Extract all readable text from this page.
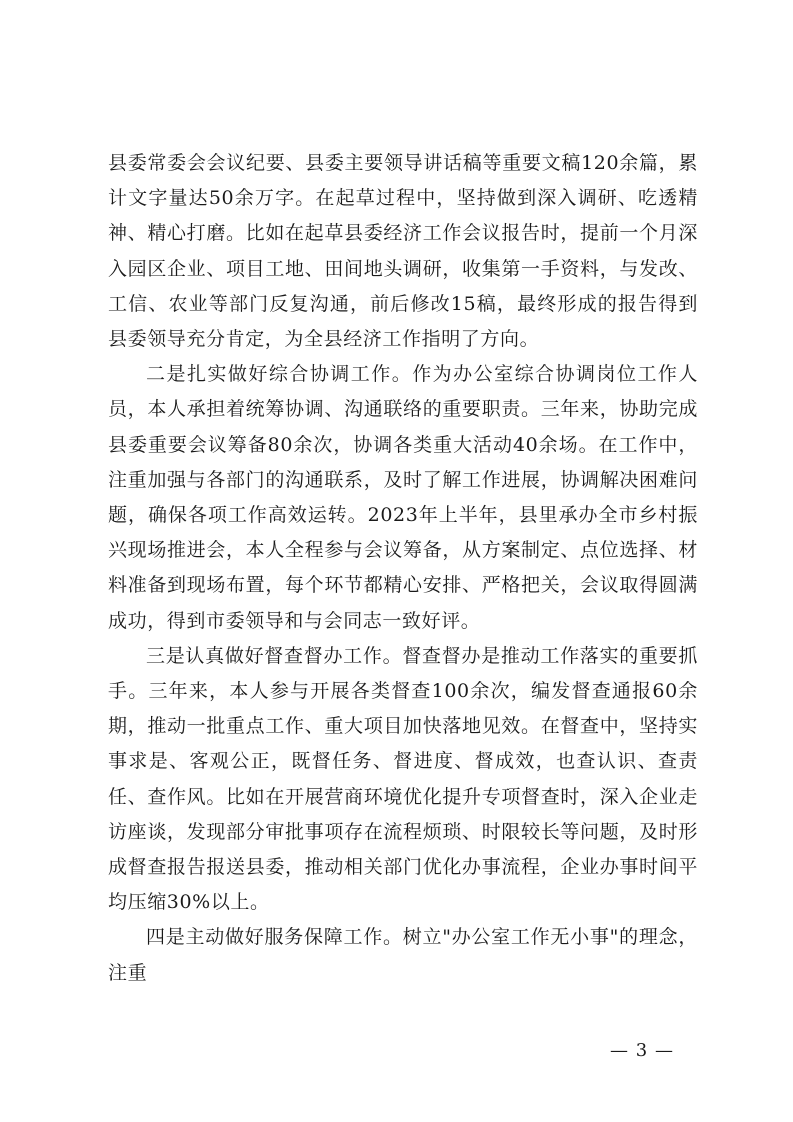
县委常委会会议纪要、县委主要领导讲话稿等重要文稿120余篇，累计文字量达50余万字。在起草过程中，坚持做到深入调研、吃透精神、精心打磨。比如在起草县委经济工作会议报告时，提前一个月深入园区企业、项目工地、田间地头调研，收集第一手资料，与发改、工信、农业等部门反复沟通，前后修改15稿，最终形成的报告得到县委领导充分肯定，为全县经济工作指明了方向。

二是扎实做好综合协调工作。作为办公室综合协调岗位工作人员，本人承担着统筹协调、沟通联络的重要职责。三年来，协助完成县委重要会议筹备80余次，协调各类重大活动40余场。在工作中，注重加强与各部门的沟通联系，及时了解工作进展，协调解决困难问题，确保各项工作高效运转。2023年上半年，县里承办全市乡村振兴现场推进会，本人全程参与会议筹备，从方案制定、点位选择、材料准备到现场布置，每个环节都精心安排、严格把关，会议取得圆满成功，得到市委领导和与会同志一致好评。

三是认真做好督查督办工作。督查督办是推动工作落实的重要抓手。三年来，本人参与开展各类督查100余次，编发督查通报60余期，推动一批重点工作、重大项目加快落地见效。在督查中，坚持实事求是、客观公正，既督任务、督进度、督成效，也查认识、查责任、查作风。比如在开展营商环境优化提升专项督查时，深入企业走访座谈，发现部分审批事项存在流程烦琐、时限较长等问题，及时形成督查报告报送县委，推动相关部门优化办事流程，企业办事时间平均压缩30%以上。

四是主动做好服务保障工作。树立"办公室工作无小事"的理念，注重

— 3 —
